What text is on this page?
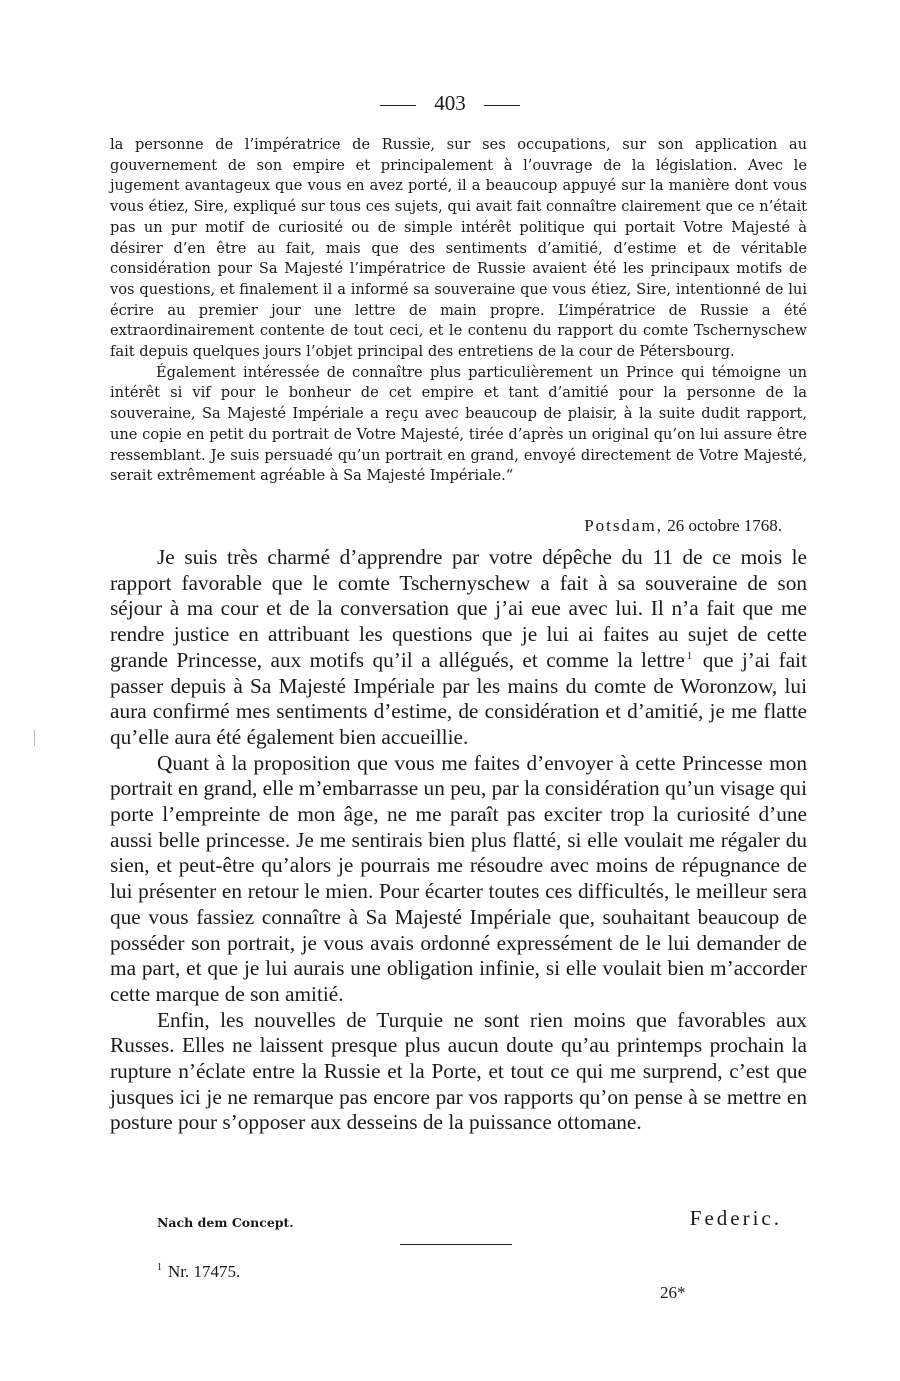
403

la personne de l’impératrice de Russie, sur ses occupations, sur son application au gouvernement de son empire et principalement à l’ouvrage de la législation. Avec le jugement avantageux que vous en avez porté, il a beaucoup appuyé sur la manière dont vous vous étiez, Sire, expliqué sur tous ces sujets, qui avait fait connaître clairement que ce n’était pas un pur motif de curiosité ou de simple intérêt politique qui portait Votre Majesté à désirer d’en être au fait, mais que des sentiments d’amitié, d’estime et de véritable considération pour Sa Majesté l’impératrice de Russie avaient été les principaux motifs de vos questions, et finalement il a informé sa souveraine que vous étiez, Sire, intentionné de lui écrire au premier jour une lettre de main propre. L’impératrice de Russie a été extraordinairement contente de tout ceci, et le contenu du rapport du comte Tschernyschew fait depuis quelques jours l’objet principal des entretiens de la cour de Pétersbourg.

Également intéressée de connaître plus particulièrement un Prince qui témoigne un intérêt si vif pour le bonheur de cet empire et tant d’amitié pour la personne de la souveraine, Sa Majesté Impériale a reçu avec beaucoup de plaisir, à la suite dudit rapport, une copie en petit du portrait de Votre Majesté, tirée d’après un original qu’on lui assure être ressemblant. Je suis persuadé qu’un portrait en grand, envoyé directement de Votre Majesté, serait extrêmement agréable à Sa Majesté Impériale.“

Potsdam, 26 octobre 1768.

Je suis très charmé d’apprendre par votre dépêche du 11 de ce mois le rapport favorable que le comte Tschernyschew a fait à sa souveraine de son séjour à ma cour et de la conversation que j’ai eue avec lui. Il n’a fait que me rendre justice en attribuant les questions que je lui ai faites au sujet de cette grande Princesse, aux motifs qu’il a allégués, et comme la lettre $^1$ que j’ai fait passer depuis à Sa Majesté Impériale par les mains du comte de Woronzow, lui aura confirmé mes sentiments d’estime, de considération et d’amitié, je me flatte qu’elle aura été également bien accueillie.

Quant à la proposition que vous me faites d’envoyer à cette Princesse mon portrait en grand, elle m’embarrasse un peu, par la considération qu’un visage qui porte l’empreinte de mon âge, ne me paraît pas exciter trop la curiosité d’une aussi belle princesse. Je me sentirais bien plus flatté, si elle voulait me régaler du sien, et peut-être qu’alors je pourrais me résoudre avec moins de répugnance de lui présenter en retour le mien. Pour écarter toutes ces difficultés, le meilleur sera que vous fassiez connaître à Sa Majesté Impériale que, souhaitant beaucoup de posséder son portrait, je vous avais ordonné expressément de le lui demander de ma part, et que je lui aurais une obligation infinie, si elle voulait bien m’accorder cette marque de son amitié.

Enfin, les nouvelles de Turquie ne sont rien moins que favorables aux Russes. Elles ne laissent presque plus aucun doute qu’au printemps prochain la rupture n’éclate entre la Russie et la Porte, et tout ce qui me surprend, c’est que jusques ici je ne remarque pas encore par vos rapports qu’on pense à se mettre en posture pour s’opposer aux desseins de la puissance ottomane.

Nach dem Concept.	Federic.
$^1$ Nr. 17475.
26*
